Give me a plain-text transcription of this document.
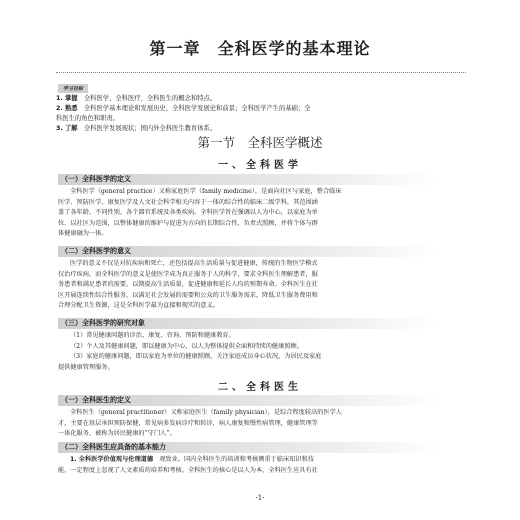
第一章　全科医学的基本理论
学习目标

1. 掌握　 全科医学、全科医疗、全科医生的概念和特点。

2. 熟悉　 全科医学基本理论和发展历史，全科医学发展史和前景；全科医学产生的基础；全

科医生的角色和职责。

3. 了解　 全科医学发展现状；国内外全科医生教育体系。

第一节　全科医学概述
一、全科医学
（一）全科医学的定义

全科医学（general practice）又称家庭医学（family medicine），是面向社区与家庭，整合临床

医学、预防医学、康复医学及人文社会科学相关内容于一体的综合性的临床二级学科，其范围涵

盖了各年龄、不同性别、各个器官系统及各类疾病。全科医学旨在强调以人为中心，以家庭为单

位、以社区为范围，以整体健康的维护与促进为方向的长期综合性、负责式照顾，并将个体与群

体健康融为一体。

（二）全科医学的意义

医学的意义不仅是对抗疾病和死亡，还包括提高生活质量与促进健康，传统的生物医学模式

仅治疗疾病，而全科医学的意义是使医学成为真正服务于人的科学，要求全科医生理解患者，服

务患者和满足患者的需要，以期提高生活质量，促进健康和延长人均的预期寿命。全科医生在社

区开展连续性综合性服务，以满足社会发展的需要和公众的卫生服务需求，降低卫生服务费用和

合理分配卫生资源，这是全科医学最为直接和现实的意义。

（三）全科医学的研究对象

（1）常见健康问题的诊治、康复、咨询、预防和健康教育。

（2）个人及其健康问题，即以健康为中心，以人为整体提供全面和持续的健康照顾。

（3）家庭的健康问题，即以家庭为单位的健康照顾，关注家庭成员身心状况，为居民及家庭

提供健康管理服务。

二、全科医生
（一）全科医生的定义

全科医生（general practitioner）又称家庭医生（family physician），是综合程度较高的医学人

才，主要在基层承担预防保健，常见病多发病诊疗和转诊，病人康复和慢性病管理，健康管理等

一体化服务，被称为居民健康的“守门人”。

（二）全科医生应具备的基本能力

1. 全科医学价值观与伦理道德　观致业。国内全科医生的培训和考核侧重于临床知识和技

能，一定程度上忽视了人文素质的培养和考核。全科医生的核心是以人为本，全科医生应具有社

·1·
